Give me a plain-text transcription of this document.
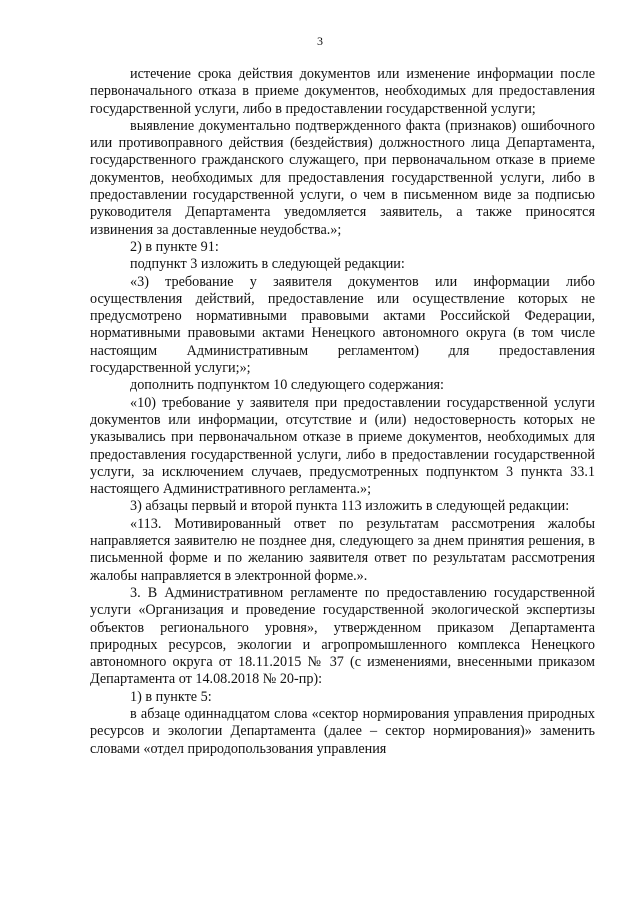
3

истечение срока действия документов или изменение информации после первоначального отказа в приеме документов, необходимых для предоставления государственной услуги, либо в предоставлении государственной услуги;

выявление документально подтвержденного факта (признаков) ошибочного или противоправного действия (бездействия) должностного лица Департамента, государственного гражданского служащего, при первоначальном отказе в приеме документов, необходимых для предоставления государственной услуги, либо в предоставлении государственной услуги, о чем в письменном виде за подписью руководителя Департамента уведомляется заявитель, а также приносятся извинения за доставленные неудобства.»;

2) в пункте 91:

подпункт 3 изложить в следующей редакции:

«3) требование у заявителя документов или информации либо осуществления действий, предоставление или осуществление которых не предусмотрено нормативными правовыми актами Российской Федерации, нормативными правовыми актами Ненецкого автономного округа (в том числе настоящим Административным регламентом) для предоставления государственной услуги;»;

дополнить подпунктом 10 следующего содержания:

«10) требование у заявителя при предоставлении государственной услуги документов или информации, отсутствие и (или) недостоверность которых не указывались при первоначальном отказе в приеме документов, необходимых для предоставления государственной услуги, либо в предоставлении государственной услуги, за исключением случаев, предусмотренных подпунктом 3 пункта 33.1 настоящего Административного регламента.»;

3) абзацы первый и второй пункта 113 изложить в следующей редакции:

«113. Мотивированный ответ по результатам рассмотрения жалобы направляется заявителю не позднее дня, следующего за днем принятия решения, в письменной форме и по желанию заявителя ответ по результатам рассмотрения жалобы направляется в электронной форме.».

3. В Административном регламенте по предоставлению государственной услуги «Организация и проведение государственной экологической экспертизы объектов регионального уровня», утвержденном приказом Департамента природных ресурсов, экологии и агропромышленного комплекса Ненецкого автономного округа от 18.11.2015 № 37 (с изменениями, внесенными приказом Департамента от 14.08.2018 № 20-пр):

1) в пункте 5:

в абзаце одиннадцатом слова «сектор нормирования управления природных ресурсов и экологии Департамента (далее – сектор нормирования)» заменить словами «отдел природопользования управления
